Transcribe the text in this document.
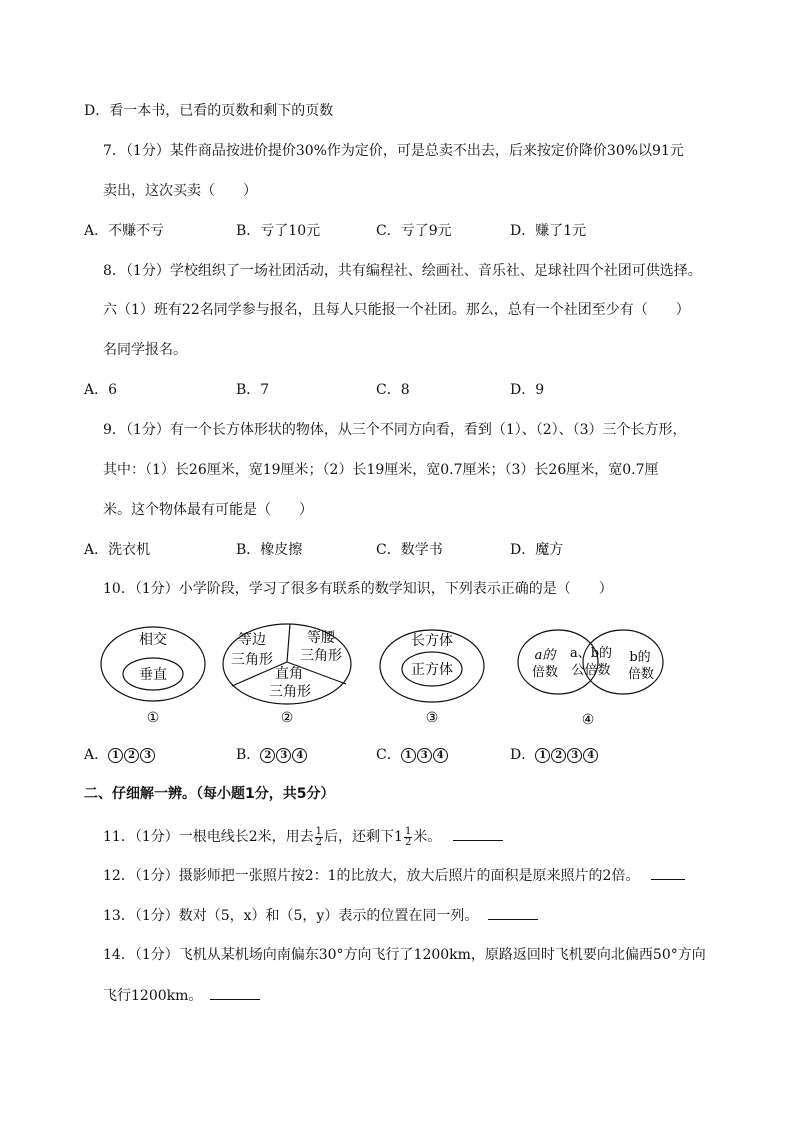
D．看一本书，已看的页数和剩下的页数
7．（1分）某件商品按进价提价30%作为定价，可是总卖不出去，后来按定价降价30%以91元
卖出，这次买卖（　　）
A．不赚不亏	B．亏了10元	C．亏了9元	D．赚了1元
8．（1分）学校组织了一场社团活动，共有编程社、绘画社、音乐社、足球社四个社团可供选择。
六（1）班有22名同学参与报名，且每人只能报一个社团。那么，总有一个社团至少有（　　）
名同学报名。
A．6	B．7	C．8	D．9
9．（1分）有一个长方体形状的物体，从三个不同方向看，看到（1）、（2）、（3）三个长方形，
其中：（1）长26厘米，宽19厘米；（2）长19厘米，宽0.7厘米；（3）长26厘米，宽0.7厘
米。这个物体最有可能是（　　）
A．洗衣机	B．橡皮擦	C．数学书	D．魔方
10．（1分）小学阶段，学习了很多有联系的数学知识，下列表示正确的是（　　）
相交
垂直
①
等边
三角形
等腰
三角形
直角
三角形
②
长方体
正方体
③
a的
倍数
a、b的
公倍数
b的
倍数
④
A． 1 2 3	B． 2 3 4	C． 1 3 4	D． 1 2 3 4
二、仔细解一辨。（每小题1分，共5分）
11．（1分）一根电线长2米，用去 $\frac{1}{2}$ 后，还剩下$1 \frac{1}{2}$ 米。
12．（1分）摄影师把一张照片按2：1的比放大，放大后照片的面积是原来照片的2倍。
13．（1分）数对（5，x）和（5，y）表示的位置在同一列。
14．（1分）飞机从某机场向南偏东30°方向飞行了1200km，原路返回时飞机要向北偏西50°方向
飞行1200km。
